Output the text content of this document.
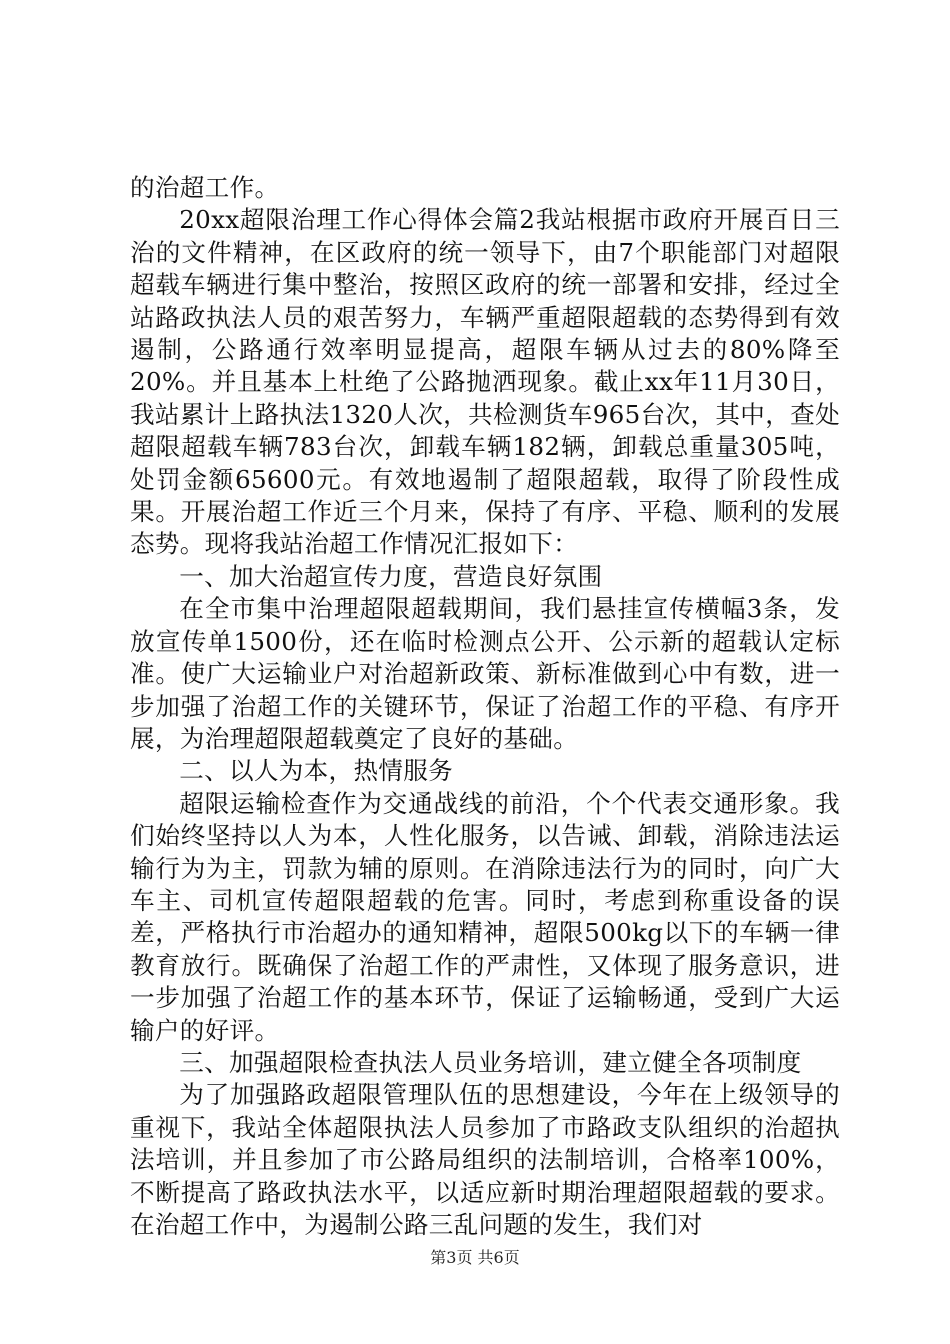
的治超工作。

20xx超限治理工作心得体会篇2我站根据市政府开展百日三治的文件精神，在区政府的统一领导下，由7个职能部门对超限超载车辆进行集中整治，按照区政府的统一部署和安排，经过全站路政执法人员的艰苦努力，车辆严重超限超载的态势得到有效遏制，公路通行效率明显提高，超限车辆从过去的80%降至20%。并且基本上杜绝了公路抛洒现象。截止xx年11月30日，我站累计上路执法1320人次，共检测货车965台次，其中，查处超限超载车辆783台次，卸载车辆182辆，卸载总重量305吨，处罚金额65600元。有效地遏制了超限超载，取得了阶段性成果。开展治超工作近三个月来，保持了有序、平稳、顺利的发展态势。现将我站治超工作情况汇报如下：

一、加大治超宣传力度，营造良好氛围

在全市集中治理超限超载期间，我们悬挂宣传横幅3条，发放宣传单1500份，还在临时检测点公开、公示新的超载认定标准。使广大运输业户对治超新政策、新标准做到心中有数，进一步加强了治超工作的关键环节，保证了治超工作的平稳、有序开展，为治理超限超载奠定了良好的基础。

二、以人为本，热情服务

超限运输检查作为交通战线的前沿，个个代表交通形象。我们始终坚持以人为本，人性化服务，以告诫、卸载，消除违法运输行为为主，罚款为辅的原则。在消除违法行为的同时，向广大车主、司机宣传超限超载的危害。同时，考虑到称重设备的误差，严格执行市治超办的通知精神，超限500kg以下的车辆一律教育放行。既确保了治超工作的严肃性，又体现了服务意识，进一步加强了治超工作的基本环节，保证了运输畅通，受到广大运输户的好评。

三、加强超限检查执法人员业务培训，建立健全各项制度

为了加强路政超限管理队伍的思想建设，今年在上级领导的重视下，我站全体超限执法人员参加了市路政支队组织的治超执法培训，并且参加了市公路局组织的法制培训，合格率100%，不断提高了路政执法水平，以适应新时期治理超限超载的要求。在治超工作中，为遏制公路三乱问题的发生，我们对

第3页 共6页
